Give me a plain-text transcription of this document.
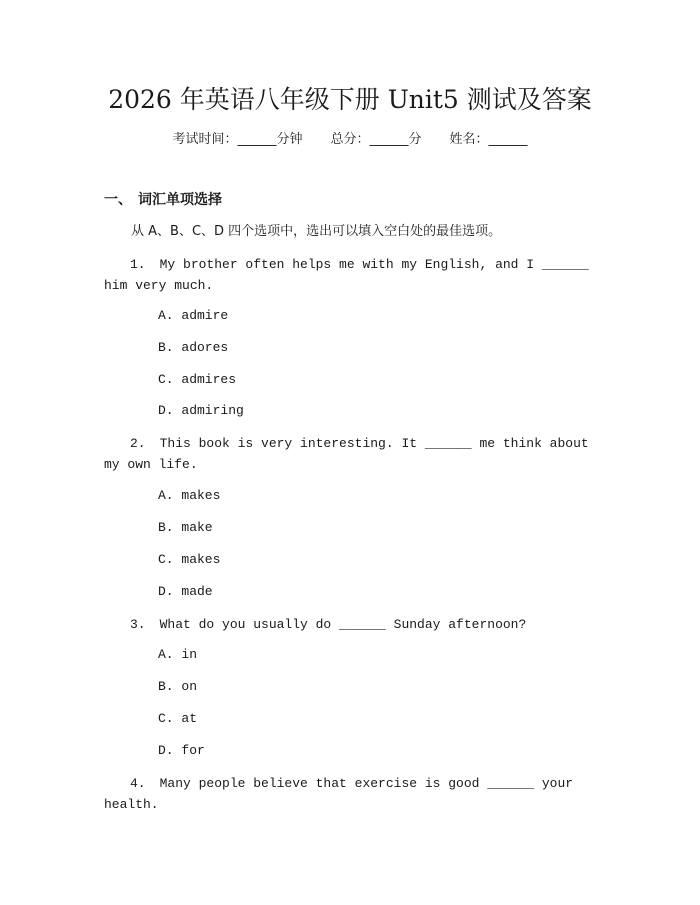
2026 年英语八年级下册 Unit5 测试及答案
考试时间：______分钟 总分：______分 姓名：______
一、 词汇单项选择
从 A、B、C、D 四个选项中，选出可以填入空白处的最佳选项。
1. My brother often helps me with my English, and I ______ him very much.
A. admire
B. adores
C. admires
D. admiring
2. This book is very interesting. It ______ me think about my own life.
A. makes
B. make
C. makes
D. made
3. What do you usually do ______ Sunday afternoon?
A. in
B. on
C. at
D. for
4. Many people believe that exercise is good ______ your health.
